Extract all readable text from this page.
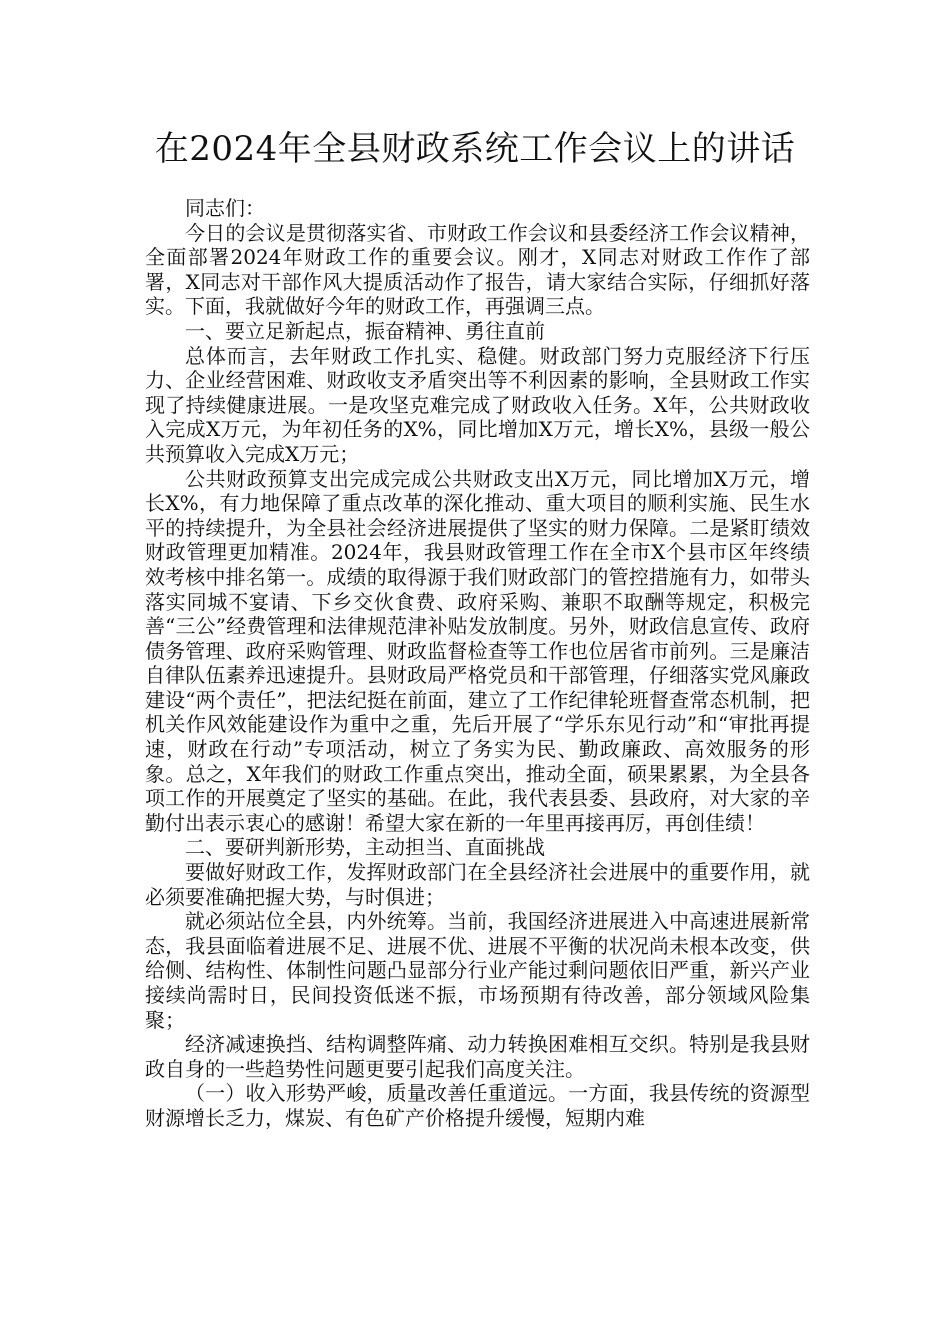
在2024年全县财政系统工作会议上的讲话

同志们：

今日的会议是贯彻落实省、市财政工作会议和县委经济工作会议精神，全面部署2024年财政工作的重要会议。刚才，X同志对财政工作作了部署，X同志对干部作风大提质活动作了报告，请大家结合实际，仔细抓好落实。下面，我就做好今年的财政工作，再强调三点。

一、要立足新起点，振奋精神、勇往直前

总体而言，去年财政工作扎实、稳健。财政部门努力克服经济下行压力、企业经营困难、财政收支矛盾突出等不利因素的影响，全县财政工作实现了持续健康进展。一是攻坚克难完成了财政收入任务。X年，公共财政收入完成X万元，为年初任务的X%，同比增加X万元，增长X%，县级一般公共预算收入完成X万元；

公共财政预算支出完成完成公共财政支出X万元，同比增加X万元，增长X%，有力地保障了重点改革的深化推动、重大项目的顺利实施、民生水平的持续提升，为全县社会经济进展提供了坚实的财力保障。二是紧盯绩效财政管理更加精准。2024年，我县财政管理工作在全市X个县市区年终绩效考核中排名第一。成绩的取得源于我们财政部门的管控措施有力，如带头落实同城不宴请、下乡交伙食费、政府采购、兼职不取酬等规定，积极完善“三公”经费管理和法律规范津补贴发放制度。另外，财政信息宣传、政府债务管理、政府采购管理、财政监督检查等工作也位居省市前列。三是廉洁自律队伍素养迅速提升。县财政局严格党员和干部管理，仔细落实党风廉政建设“两个责任”，把法纪挺在前面，建立了工作纪律轮班督查常态机制，把机关作风效能建设作为重中之重，先后开展了“学乐东见行动”和“审批再提速，财政在行动”专项活动，树立了务实为民、勤政廉政、高效服务的形象。总之，X年我们的财政工作重点突出，推动全面，硕果累累，为全县各项工作的开展奠定了坚实的基础。在此，我代表县委、县政府，对大家的辛勤付出表示衷心的感谢！希望大家在新的一年里再接再厉，再创佳绩！

二、要研判新形势，主动担当、直面挑战

要做好财政工作，发挥财政部门在全县经济社会进展中的重要作用，就必须要准确把握大势，与时俱进；

就必须站位全县，内外统筹。当前，我国经济进展进入中高速进展新常态，我县面临着进展不足、进展不优、进展不平衡的状况尚未根本改变，供给侧、结构性、体制性问题凸显部分行业产能过剩问题依旧严重，新兴产业接续尚需时日，民间投资低迷不振，市场预期有待改善，部分领域风险集聚；

经济减速换挡、结构调整阵痛、动力转换困难相互交织。特别是我县财政自身的一些趋势性问题更要引起我们高度关注。

（一）收入形势严峻，质量改善任重道远。一方面，我县传统的资源型财源增长乏力，煤炭、有色矿产价格提升缓慢，短期内难
